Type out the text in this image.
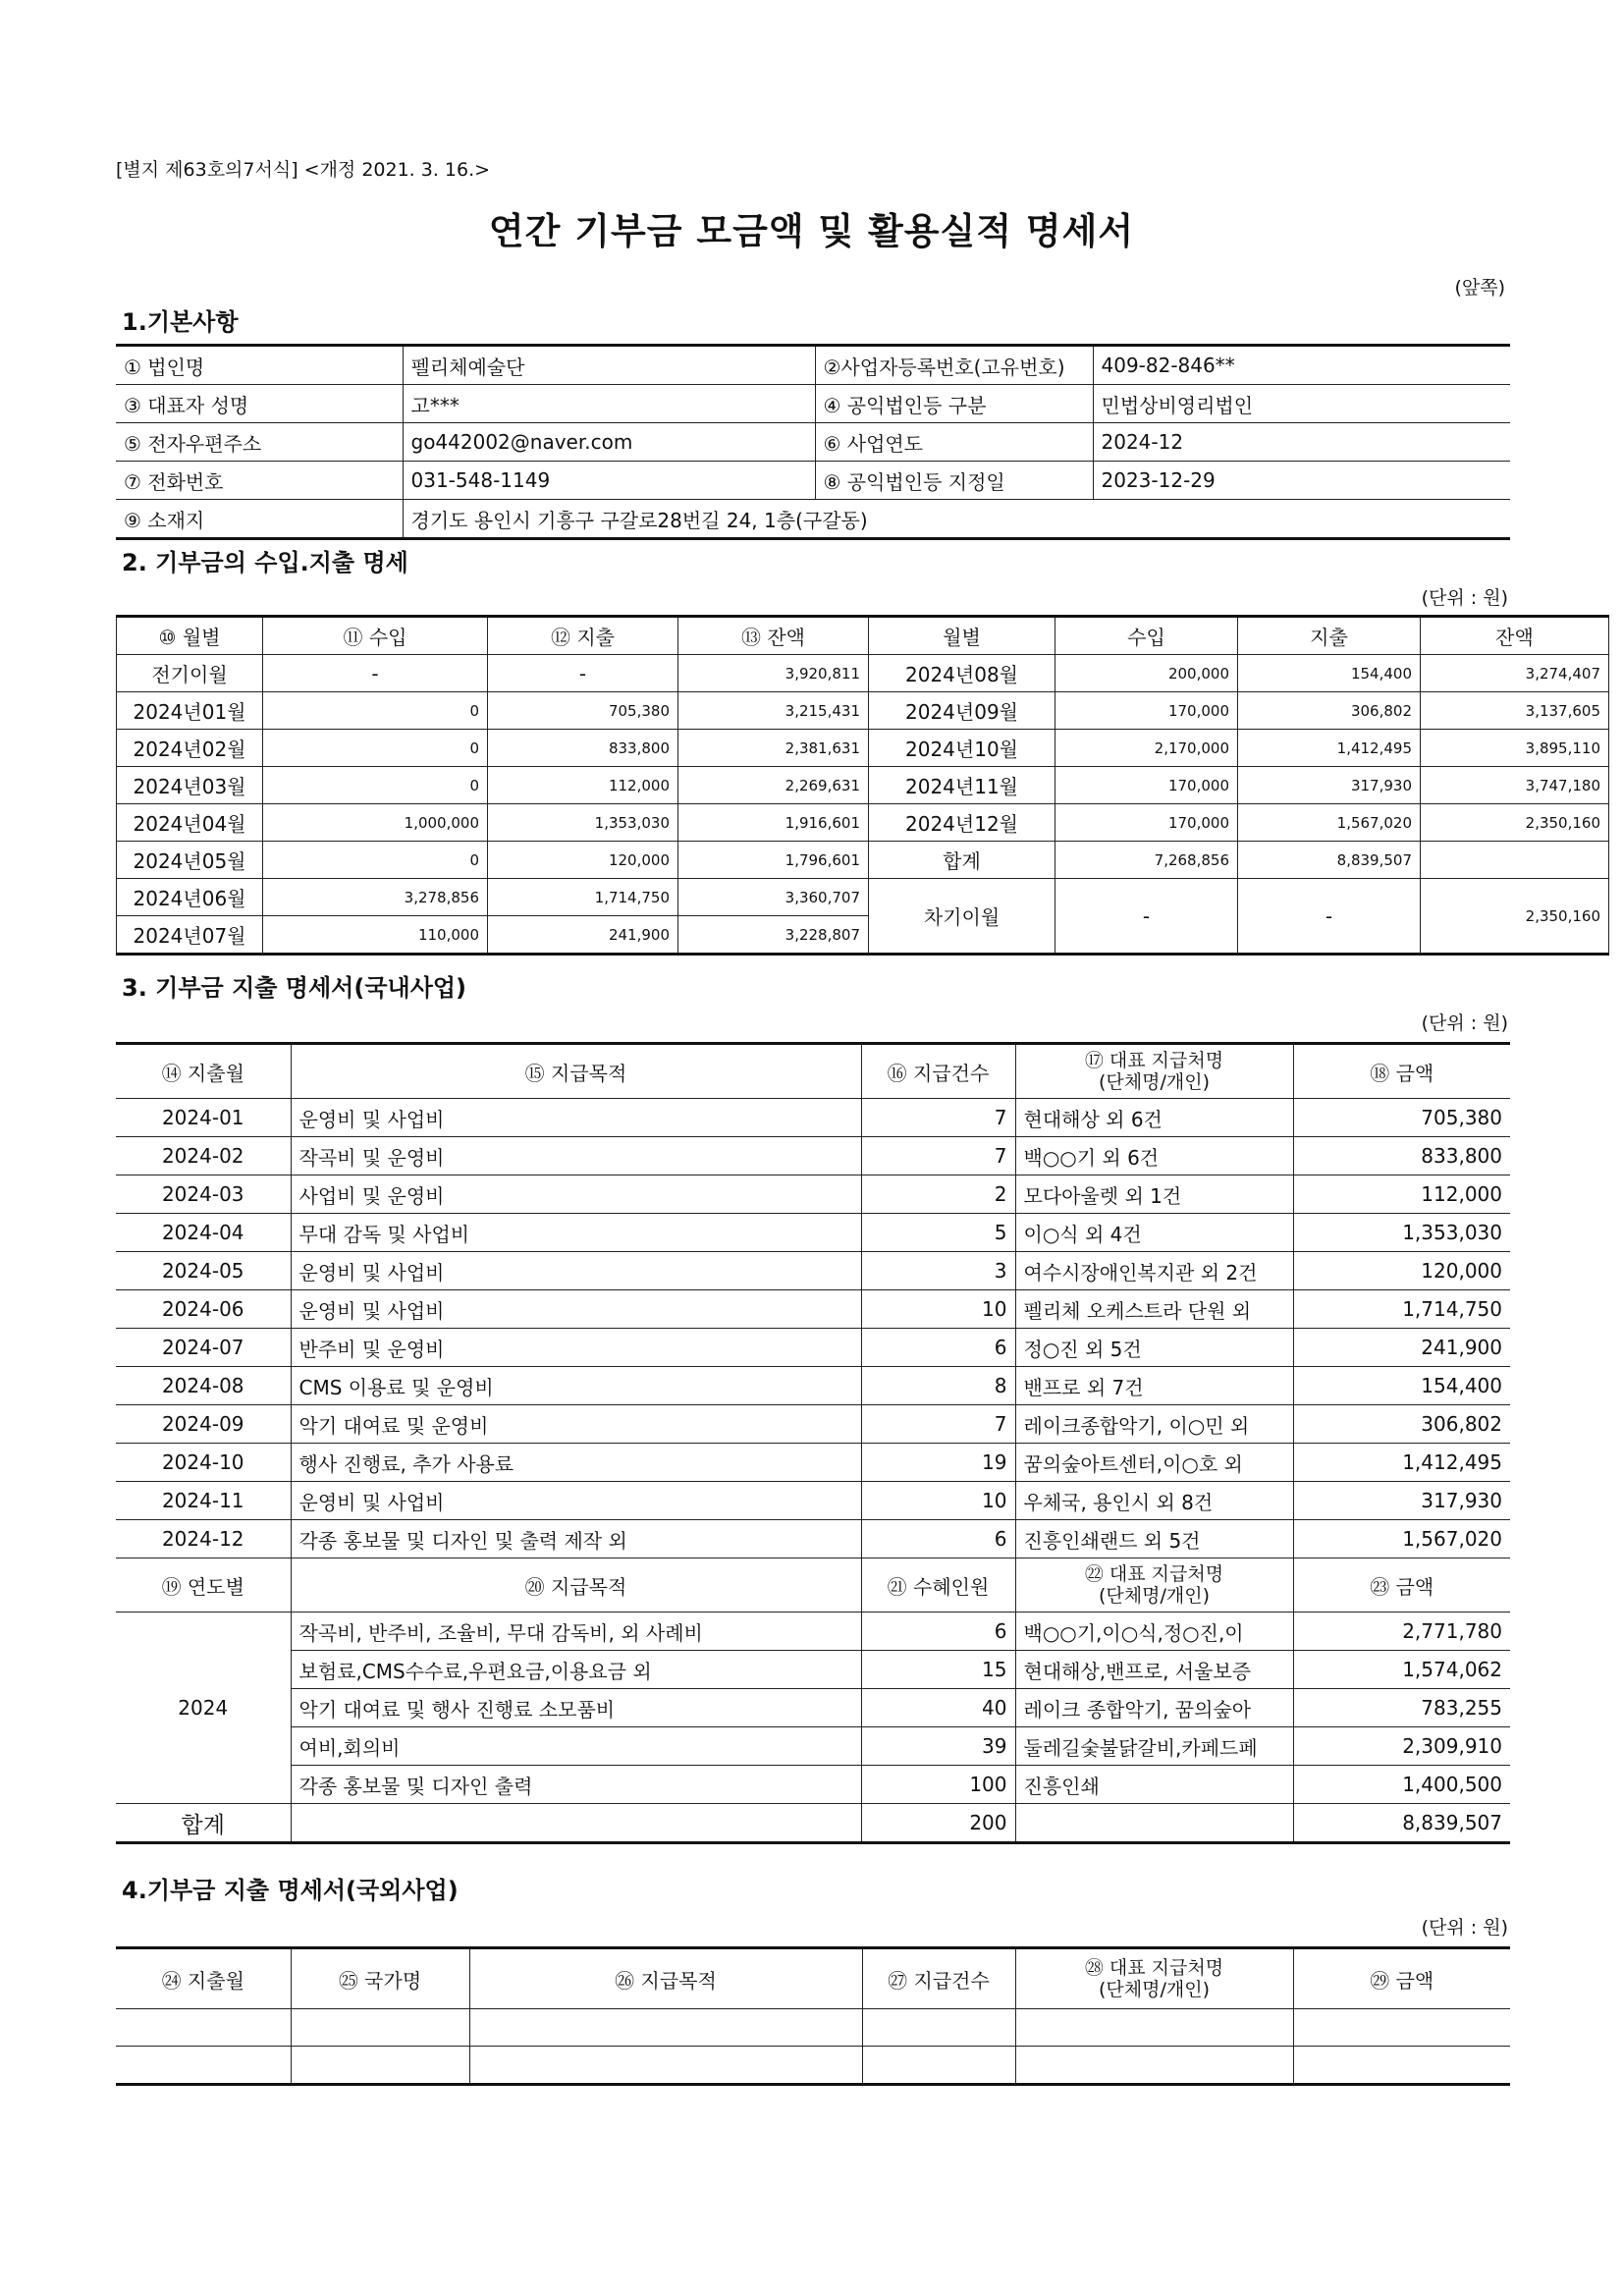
[별지 제63호의7서식] <개정 2021. 3. 16.>
연간 기부금 모금액 및 활용실적 명세서
(앞쪽)
1.기본사항
① 법인명	펠리체예술단	②사업자등록번호(고유번호)	409-82-846**
③ 대표자 성명	고***	④ 공익법인등 구분	민법상비영리법인
⑤ 전자우편주소	go442002@naver.com	⑥ 사업연도	2024-12
⑦ 전화번호	031-548-1149	⑧ 공익법인등 지정일	2023-12-29
⑨ 소재지	경기도 용인시 기흥구 구갈로28번길 24, 1층(구갈동)		
2. 기부금의 수입.지출 명세
(단위 : 원)
⑩ 월별	⑪ 수입	⑫ 지출	⑬ 잔액	월별	수입	지출	잔액
전기이월	-	-	3,920,811	2024년08월	200,000	154,400	3,274,407
2024년01월	0	705,380	3,215,431	2024년09월	170,000	306,802	3,137,605
2024년02월	0	833,800	2,381,631	2024년10월	2,170,000	1,412,495	3,895,110
2024년03월	0	112,000	2,269,631	2024년11월	170,000	317,930	3,747,180
2024년04월	1,000,000	1,353,030	1,916,601	2024년12월	170,000	1,567,020	2,350,160
2024년05월	0	120,000	1,796,601	합계	7,268,856	8,839,507	
2024년06월	3,278,856	1,714,750	3,360,707	차기이월	-	-	2,350,160
2024년07월	110,000	241,900	3,228,807				
3. 기부금 지출 명세서(국내사업)
(단위 : 원)
⑭ 지출월	⑮ 지급목적	⑯ 지급건수	⑰ 대표 지급처명
(단체명/개인)	⑱ 금액
2024-01	운영비 및 사업비	7	현대해상 외 6건	705,380
2024-02	작곡비 및 운영비	7	백○○기 외 6건	833,800
2024-03	사업비 및 운영비	2	모다아울렛 외 1건	112,000
2024-04	무대 감독 및 사업비	5	이○식 외 4건	1,353,030
2024-05	운영비 및 사업비	3	여수시장애인복지관 외 2건	120,000
2024-06	운영비 및 사업비	10	펠리체 오케스트라 단원 외	1,714,750
2024-07	반주비 및 운영비	6	정○진 외 5건	241,900
2024-08	CMS 이용료 및 운영비	8	밴프로 외 7건	154,400
2024-09	악기 대여료 및 운영비	7	레이크종합악기, 이○민 외	306,802
2024-10	행사 진행료, 추가 사용료	19	꿈의숲아트센터,이○호 외	1,412,495
2024-11	운영비 및 사업비	10	우체국, 용인시 외 8건	317,930
2024-12	각종 홍보물 및 디자인 및 출력 제작 외	6	진흥인쇄랜드 외 5건	1,567,020
⑲ 연도별	⑳ 지급목적	㉑ 수혜인원	㉒ 대표 지급처명
(단체명/개인)	㉓ 금액
2024	작곡비, 반주비, 조율비, 무대 감독비, 외 사례비	6	백○○기,이○식,정○진,이	2,771,780
	보험료,CMS수수료,우편요금,이용요금 외	15	현대해상,밴프로, 서울보증	1,574,062
	악기 대여료 및 행사 진행료 소모품비	40	레이크 종합악기, 꿈의숲아	783,255
	여비,회의비	39	둘레길숯불닭갈비,카페드페	2,309,910
	각종 홍보물 및 디자인 출력	100	진흥인쇄	1,400,500
합계		200		8,839,507
4.기부금 지출 명세서(국외사업)
(단위 : 원)
㉔ 지출월	㉕ 국가명	㉖ 지급목적	㉗ 지급건수	㉘ 대표 지급처명
(단체명/개인)	㉙ 금액
